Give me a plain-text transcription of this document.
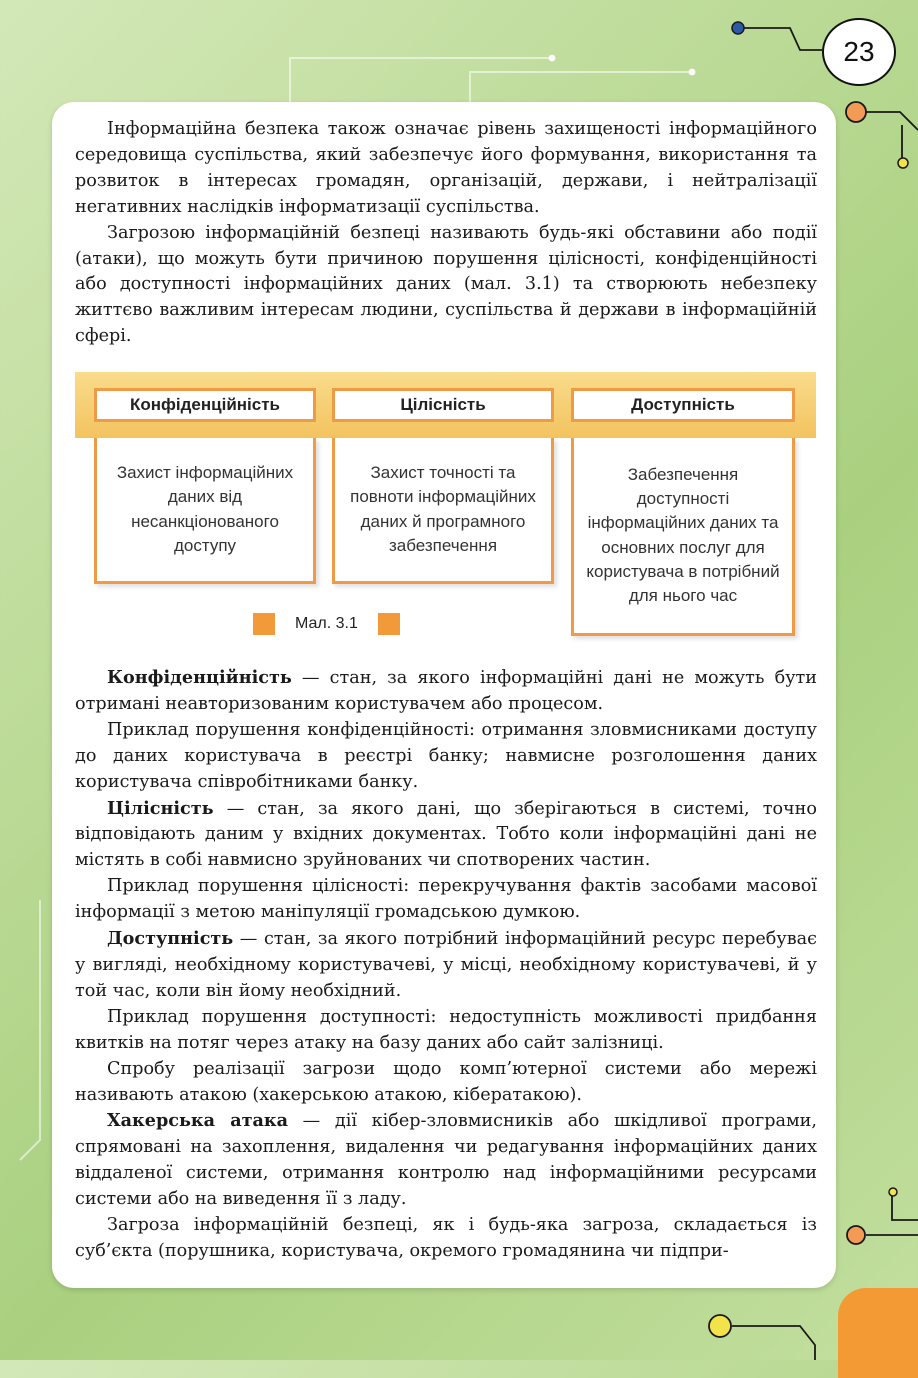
23

Інформаційна безпека також означає рівень захищеності інформаційного середовища суспільства, який забезпечує його формування, використання та розвиток в інтересах громадян, організацій, держави, і нейтралізації негативних наслідків інформатизації суспільства.

Загрозою інформаційній безпеці називають будь-які обставини або події (атаки), що можуть бути причиною порушення цілісності, конфіденційності або доступності інформаційних даних (мал. 3.1) та створюють небезпеку життєво важливим інтересам людини, суспільства й держави в інформаційній сфері.

Конфіденційність	Цілісність	Доступність
Захист інформаційних даних від несанкціонованого доступу
Захист точності та повноти інформаційних даних й програмного забезпечення
Забезпечення доступності інформаційних даних та основних послуг для користувача в потрібний для нього час
Мал. 3.1

Конфіденційність — стан, за якого інформаційні дані не можуть бути отримані неавторизованим користувачем або процесом.

Приклад порушення конфіденційності: отримання зловмисниками доступу до даних користувача в реєстрі банку; навмисне розголошення даних користувача співробітниками банку.

Цілісність — стан, за якого дані, що зберігаються в системі, точно відповідають даним у вхідних документах. Тобто коли інформаційні дані не містять в собі навмисно зруйнованих чи спотворених частин.

Приклад порушення цілісності: перекручування фактів засобами масової інформації з метою маніпуляції громадською думкою.

Доступність — стан, за якого потрібний інформаційний ресурс перебуває у вигляді, необхідному користувачеві, у місці, необхідному користувачеві, й у той час, коли він йому необхідний.

Приклад порушення доступності: недоступність можливості придбання квитків на потяг через атаку на базу даних або сайт залізниці.

Спробу реалізації загрози щодо комп’ютерної системи або мережі називають атакою (хакерською атакою, кібератакою).

Хакерська атака — дії кібер-зловмисників або шкідливої програми, спрямовані на захоплення, видалення чи редагування інформаційних даних віддаленої системи, отримання контролю над інформаційними ресурсами системи або на виведення її з ладу.

Загроза інформаційній безпеці, як і будь-яка загроза, складається із суб’єкта (порушника, користувача, окремого громадянина чи підпри-
